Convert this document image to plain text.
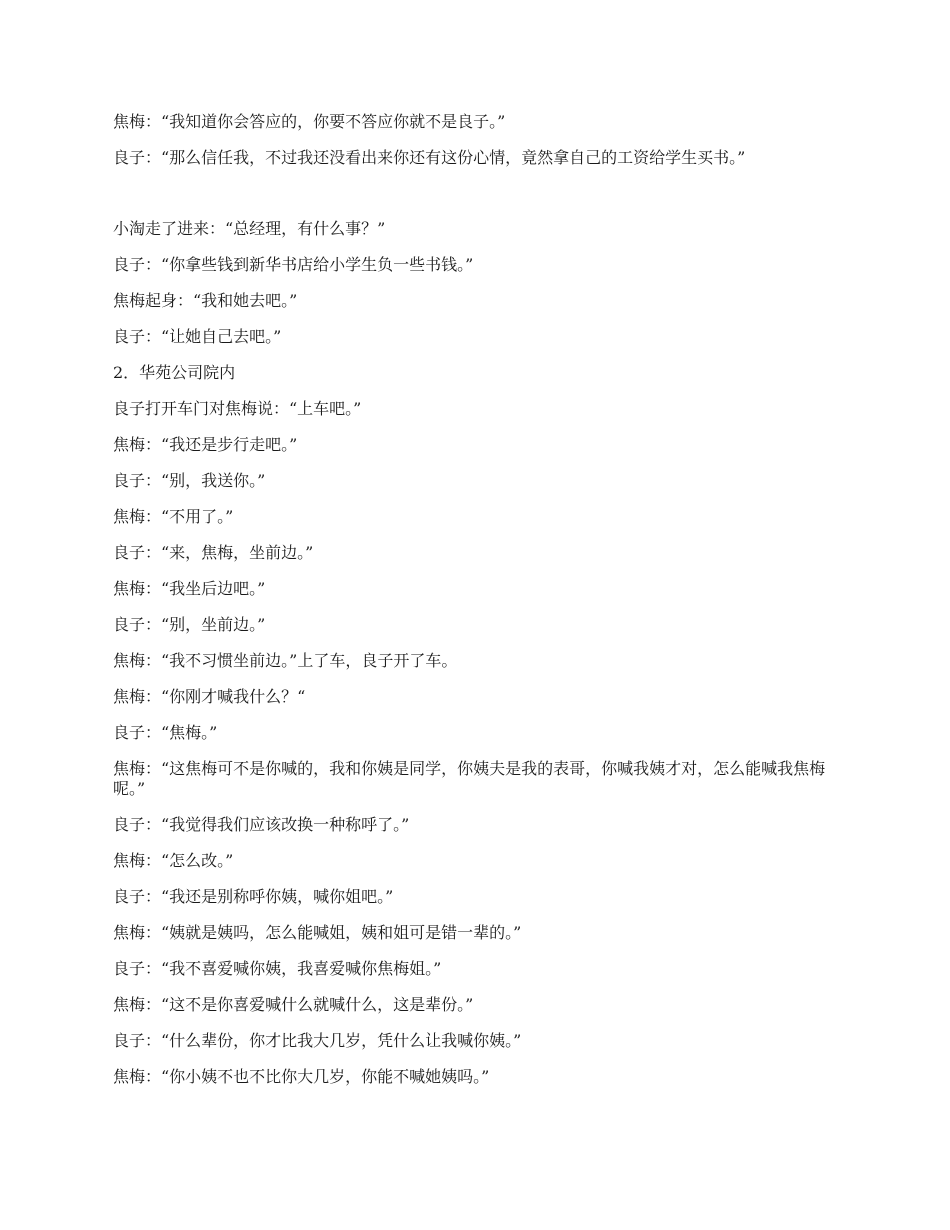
焦梅：“我知道你会答应的，你要不答应你就不是良子。”

良子：“那么信任我，不过我还没看出来你还有这份心情，竟然拿自己的工资给学生买书。”

小淘走了进来：“总经理，有什么事？”

良子：“你拿些钱到新华书店给小学生负一些书钱。”

焦梅起身：“我和她去吧。”

良子：“让她自己去吧。”

2．华苑公司院内

良子打开车门对焦梅说：“上车吧。”

焦梅：“我还是步行走吧。”

良子：“别，我送你。”

焦梅：“不用了。”

良子：“来，焦梅，坐前边。”

焦梅：“我坐后边吧。”

良子：“别，坐前边。”

焦梅：“我不习惯坐前边。”上了车，良子开了车。

焦梅：“你刚才喊我什么？“

良子：“焦梅。”

焦梅：“这焦梅可不是你喊的，我和你姨是同学，你姨夫是我的表哥，你喊我姨才对，怎么能喊我焦梅呢。”

良子：“我觉得我们应该改换一种称呼了。”

焦梅：“怎么改。”

良子：“我还是别称呼你姨，喊你姐吧。”

焦梅：“姨就是姨吗，怎么能喊姐，姨和姐可是错一辈的。”

良子：“我不喜爱喊你姨，我喜爱喊你焦梅姐。”

焦梅：“这不是你喜爱喊什么就喊什么，这是辈份。”

良子：“什么辈份，你才比我大几岁，凭什么让我喊你姨。”

焦梅：“你小姨不也不比你大几岁，你能不喊她姨吗。”
